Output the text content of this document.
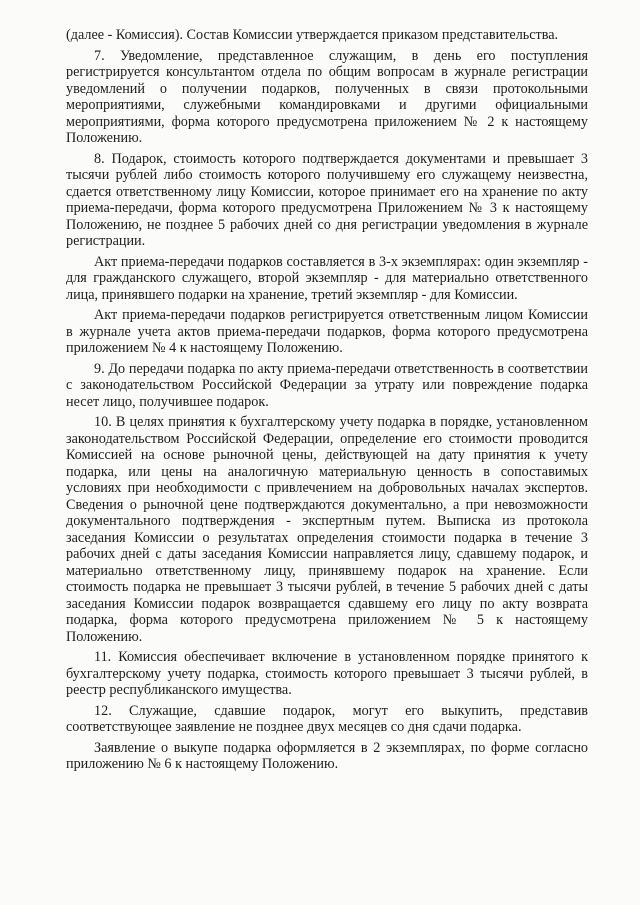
(далее - Комиссия). Состав Комиссии утверждается приказом представительства.

7. Уведомление, представленное служащим, в день его поступления регистрируется консультантом отдела по общим вопросам в журнале регистрации уведомлений о получении подарков, полученных в связи протокольными мероприятиями, служебными командировками и другими официальными мероприятиями, форма которого предусмотрена приложением № 2 к настоящему Положению.

8. Подарок, стоимость которого подтверждается документами и превышает 3 тысячи рублей либо стоимость которого получившему его служащему неизвестна, сдается ответственному лицу Комиссии, которое принимает его на хранение по акту приема-передачи, форма которого предусмотрена Приложением № 3 к настоящему Положению, не позднее 5 рабочих дней со дня регистрации уведомления в журнале регистрации.

Акт приема-передачи подарков составляется в 3-х экземплярах: один экземпляр - для гражданского служащего, второй экземпляр - для материально ответственного лица, принявшего подарки на хранение, третий экземпляр - для Комиссии.

Акт приема-передачи подарков регистрируется ответственным лицом Комиссии в журнале учета актов приема-передачи подарков, форма которого предусмотрена приложением № 4 к настоящему Положению.

9. До передачи подарка по акту приема-передачи ответственность в соответствии с законодательством Российской Федерации за утрату или повреждение подарка несет лицо, получившее подарок.

10. В целях принятия к бухгалтерскому учету подарка в порядке, установленном законодательством Российской Федерации, определение его стоимости проводится Комиссией на основе рыночной цены, действующей на дату принятия к учету подарка, или цены на аналогичную материальную ценность в сопоставимых условиях при необходимости с привлечением на добровольных началах экспертов. Сведения о рыночной цене подтверждаются документально, а при невозможности документального подтверждения - экспертным путем. Выписка из протокола заседания Комиссии о результатах определения стоимости подарка в течение 3 рабочих дней с даты заседания Комиссии направляется лицу, сдавшему подарок, и материально ответственному лицу, принявшему подарок на хранение. Если стоимость подарка не превышает 3 тысячи рублей, в течение 5 рабочих дней с даты заседания Комиссии подарок возвращается сдавшему его лицу по акту возврата подарка, форма которого предусмотрена приложением № 5 к настоящему Положению.

11. Комиссия обеспечивает включение в установленном порядке принятого к бухгалтерскому учету подарка, стоимость которого превышает 3 тысячи рублей, в реестр республиканского имущества.

12. Служащие, сдавшие подарок, могут его выкупить, представив соответствующее заявление не позднее двух месяцев со дня сдачи подарка.

Заявление о выкупе подарка оформляется в 2 экземплярах, по форме согласно приложению № 6 к настоящему Положению.
